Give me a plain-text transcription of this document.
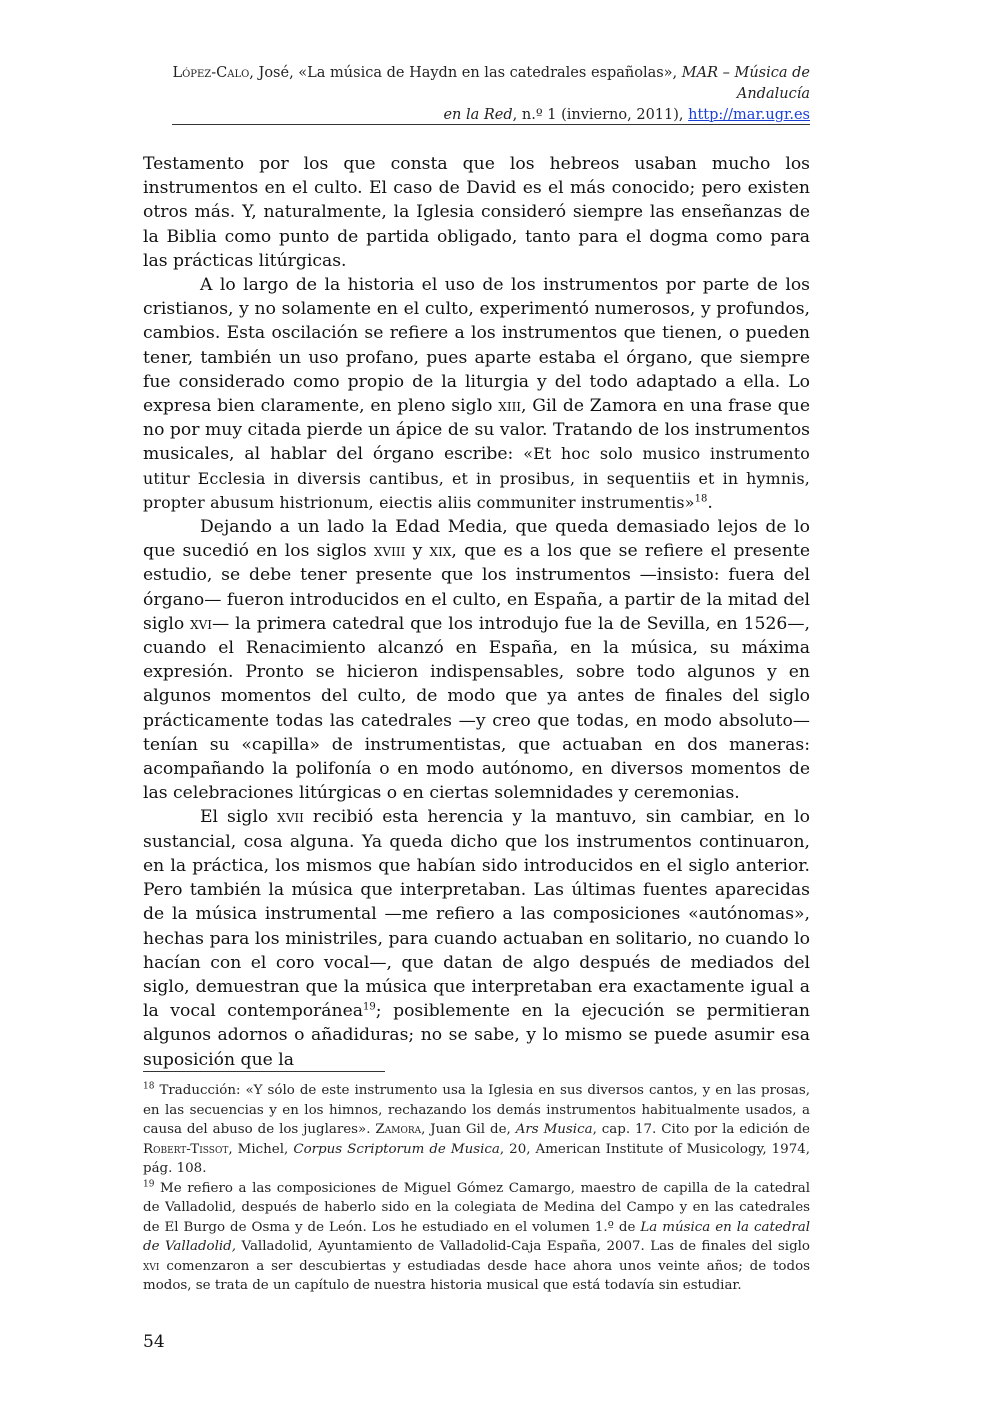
López-Calo, José, «La música de Haydn en las catedrales españolas», MAR – Música de Andalucía
en la Red, n.º 1 (invierno, 2011), http://mar.ugr.es

Testamento por los que consta que los hebreos usaban mucho los instrumentos en el culto. El caso de David es el más conocido; pero existen otros más. Y, naturalmente, la Iglesia consideró siempre las enseñanzas de la Biblia como punto de partida obligado, tanto para el dogma como para las prácticas litúrgicas.

A lo largo de la historia el uso de los instrumentos por parte de los cristianos, y no solamente en el culto, experimentó numerosos, y profundos, cambios. Esta oscilación se refiere a los instrumentos que tienen, o pueden tener, también un uso profano, pues aparte estaba el órgano, que siempre fue considerado como propio de la liturgia y del todo adaptado a ella. Lo expresa bien claramente, en pleno siglo xiii, Gil de Zamora en una frase que no por muy citada pierde un ápice de su valor. Tratando de los instrumentos musicales, al hablar del órgano escribe: «Et hoc solo musico instrumento utitur Ecclesia in diversis cantibus, et in prosibus, in sequentiis et in hymnis, propter abusum histrionum, eiectis aliis communiter instrumentis»$^{18}$.

Dejando a un lado la Edad Media, que queda demasiado lejos de lo que sucedió en los siglos xviii y xix, que es a los que se refiere el presente estudio, se debe tener presente que los instrumentos —insisto: fuera del órgano— fueron introducidos en el culto, en España, a partir de la mitad del siglo xvi— la primera catedral que los introdujo fue la de Sevilla, en 1526—, cuando el Renacimiento alcanzó en España, en la música, su máxima expresión. Pronto se hicieron indispensables, sobre todo algunos y en algunos momentos del culto, de modo que ya antes de finales del siglo prácticamente todas las catedrales —y creo que todas, en modo absoluto— tenían su «capilla» de instrumentistas, que actuaban en dos maneras: acompañando la polifonía o en modo autónomo, en diversos momentos de las celebraciones litúrgicas o en ciertas solemnidades y ceremonias.

El siglo xvii recibió esta herencia y la mantuvo, sin cambiar, en lo sustancial, cosa alguna. Ya queda dicho que los instrumentos continuaron, en la práctica, los mismos que habían sido introducidos en el siglo anterior. Pero también la música que interpretaban. Las últimas fuentes aparecidas de la música instrumental —me refiero a las composiciones «autónomas», hechas para los ministriles, para cuando actuaban en solitario, no cuando lo hacían con el coro vocal—, que datan de algo después de mediados del siglo, demuestran que la música que interpretaban era exactamente igual a la vocal contemporánea$^{19}$; posiblemente en la ejecución se permitieran algunos adornos o añadiduras; no se sabe, y lo mismo se puede asumir esa suposición que la

$^{18}$ Traducción: «Y sólo de este instrumento usa la Iglesia en sus diversos cantos, y en las prosas, en las secuencias y en los himnos, rechazando los demás instrumentos habitualmente usados, a causa del abuso de los juglares». Zamora, Juan Gil de, Ars Musica, cap. 17. Cito por la edición de Robert-Tissot, Michel, Corpus Scriptorum de Musica, 20, American Institute of Musicology, 1974, pág. 108.

$^{19}$ Me refiero a las composiciones de Miguel Gómez Camargo, maestro de capilla de la catedral de Valladolid, después de haberlo sido en la colegiata de Medina del Campo y en las catedrales de El Burgo de Osma y de León. Los he estudiado en el volumen 1.º de La música en la catedral de Valladolid, Valladolid, Ayuntamiento de Valladolid-Caja España, 2007. Las de finales del siglo xvi comenzaron a ser descubiertas y estudiadas desde hace ahora unos veinte años; de todos modos, se trata de un capítulo de nuestra historia musical que está todavía sin estudiar.

54
